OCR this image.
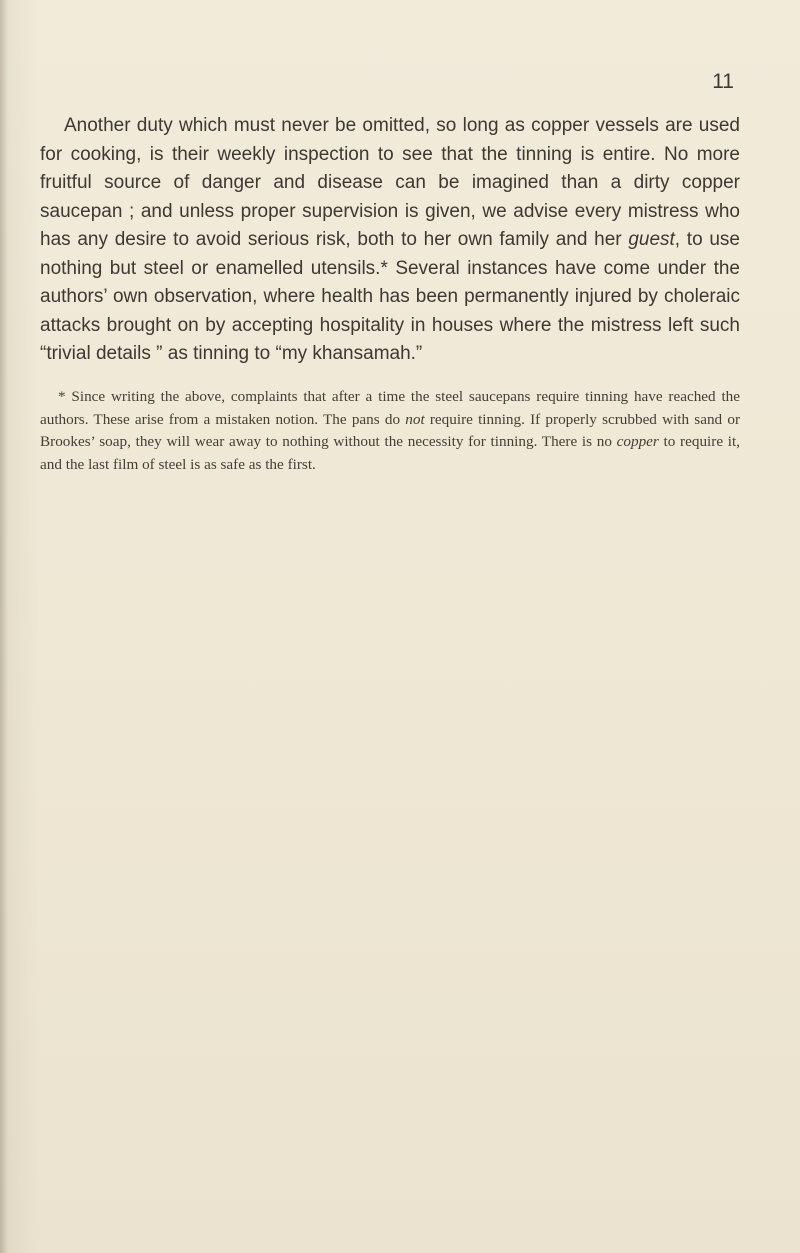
11

Another duty which must never be omitted, so long as copper vessels are used for cooking, is their weekly inspection to see that the tinning is entire. No more fruitful source of danger and disease can be imagined than a dirty copper saucepan ; and unless proper supervision is given, we advise every mistress who has any desire to avoid serious risk, both to her own family and her guest, to use nothing but steel or enamelled utensils.* Several instances have come under the authors’ own observation, where health has been permanently injured by choleraic attacks brought on by accepting hospitality in houses where the mistress left such “trivial details ” as tinning to “my khansamah.”

* Since writing the above, complaints that after a time the steel saucepans require tinning have reached the authors. These arise from a mistaken notion. The pans do not require tinning. If properly scrubbed with sand or Brookes’ soap, they will wear away to nothing without the necessity for tinning. There is no copper to require it, and the last film of steel is as safe as the first.
